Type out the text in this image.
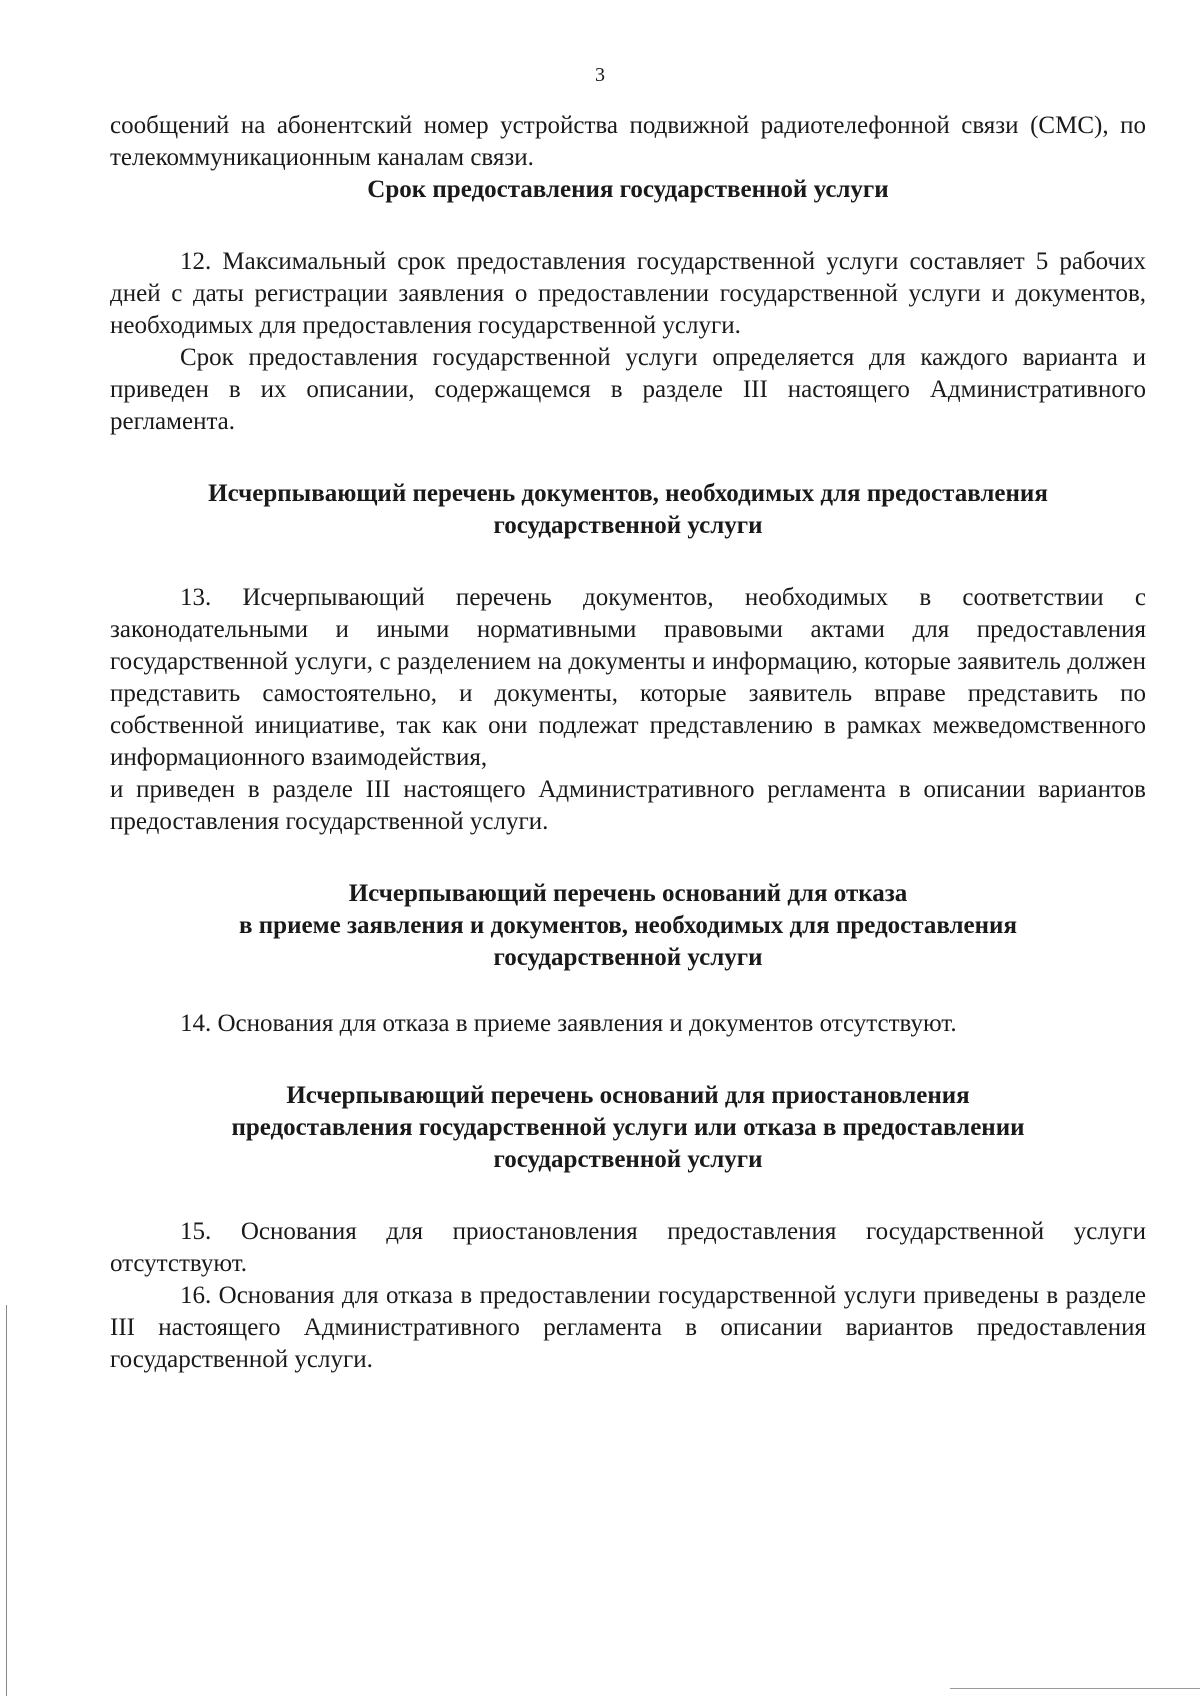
3

сообщений на абонентский номер устройства подвижной радиотелефонной связи (СМС), по телекоммуникационным каналам связи.

Срок предоставления государственной услуги

12. Максимальный срок предоставления государственной услуги составляет 5 рабочих дней с даты регистрации заявления о предоставлении государственной услуги и документов, необходимых для предоставления государственной услуги.

Срок предоставления государственной услуги определяется для каждого варианта и приведен в их описании, содержащемся в разделе III настоящего Административного регламента.

Исчерпывающий перечень документов, необходимых для предоставления

государственной услуги

13. Исчерпывающий перечень документов, необходимых в соответствии с законодательными и иными нормативными правовыми актами для предоставления государственной услуги, с разделением на документы и информацию, которые заявитель должен представить самостоятельно, и документы, которые заявитель вправе представить по собственной инициативе, так как они подлежат представлению в рамках межведомственного информационного взаимодействия,

и приведен в разделе III настоящего Административного регламента в описании вариантов предоставления государственной услуги.

Исчерпывающий перечень оснований для отказа

в приеме заявления и документов, необходимых для предоставления

государственной услуги

14. Основания для отказа в приеме заявления и документов отсутствуют.

Исчерпывающий перечень оснований для приостановления

предоставления государственной услуги или отказа в предоставлении

государственной услуги

15. Основания для приостановления предоставления государственной услуги отсутствуют.

16. Основания для отказа в предоставлении государственной услуги приведены в разделе III настоящего Административного регламента в описании вариантов предоставления государственной услуги.
